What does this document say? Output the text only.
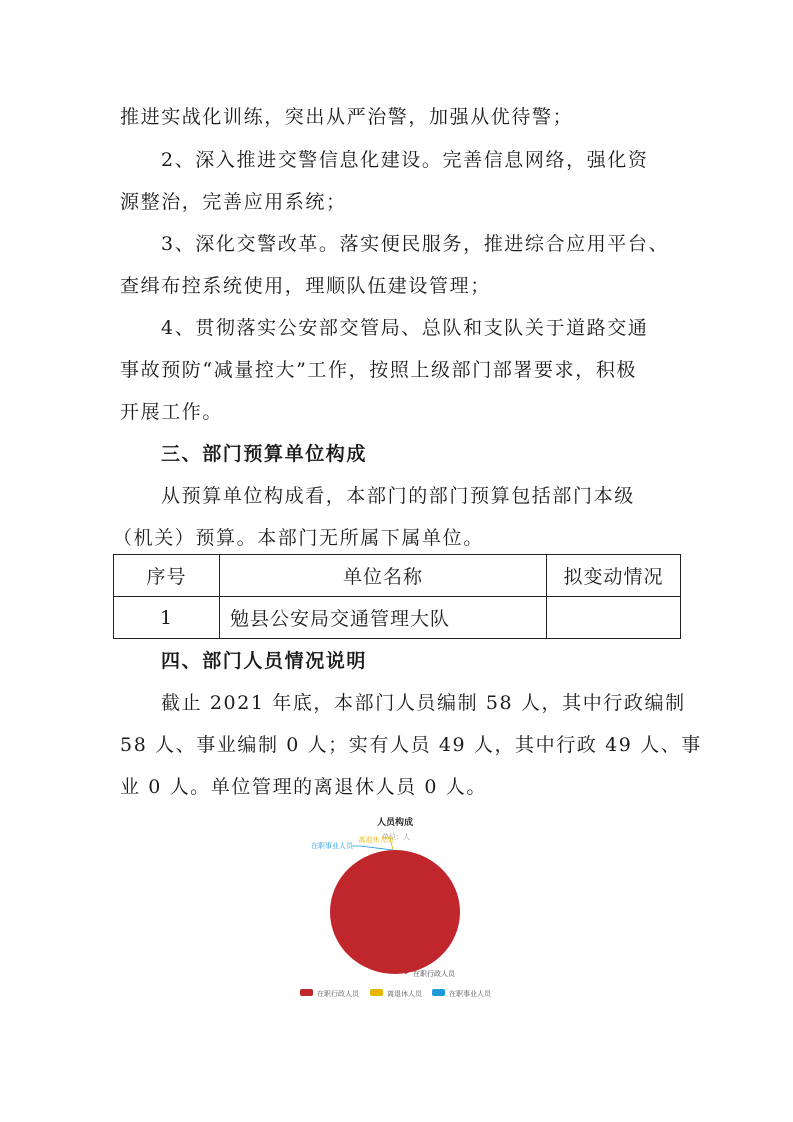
推进实战化训练，突出从严治警，加强从优待警；

2、深入推进交警信息化建设。完善信息网络，强化资

源整治，完善应用系统；

3、深化交警改革。落实便民服务，推进综合应用平台、

查缉布控系统使用，理顺队伍建设管理；

4、贯彻落实公安部交管局、总队和支队关于道路交通

事故预防“减量控大”工作，按照上级部门部署要求，积极

开展工作。

三、部门预算单位构成

从预算单位构成看，本部门的部门预算包括部门本级

（机关）预算。本部门无所属下属单位。

序号	单位名称	拟变动情况
1	勉县公安局交通管理大队	

四、部门人员情况说明

截止 2021 年底，本部门人员编制 58 人，其中行政编制

58 人、事业编制 0 人；实有人员 49 人，其中行政 49 人、事

业 0 人。单位管理的离退休人员 0 人。

人员构成
单位：人
在职行政人员
离退休人员
在职事业人员
在职行政人员	离退休人员	在职事业人员
